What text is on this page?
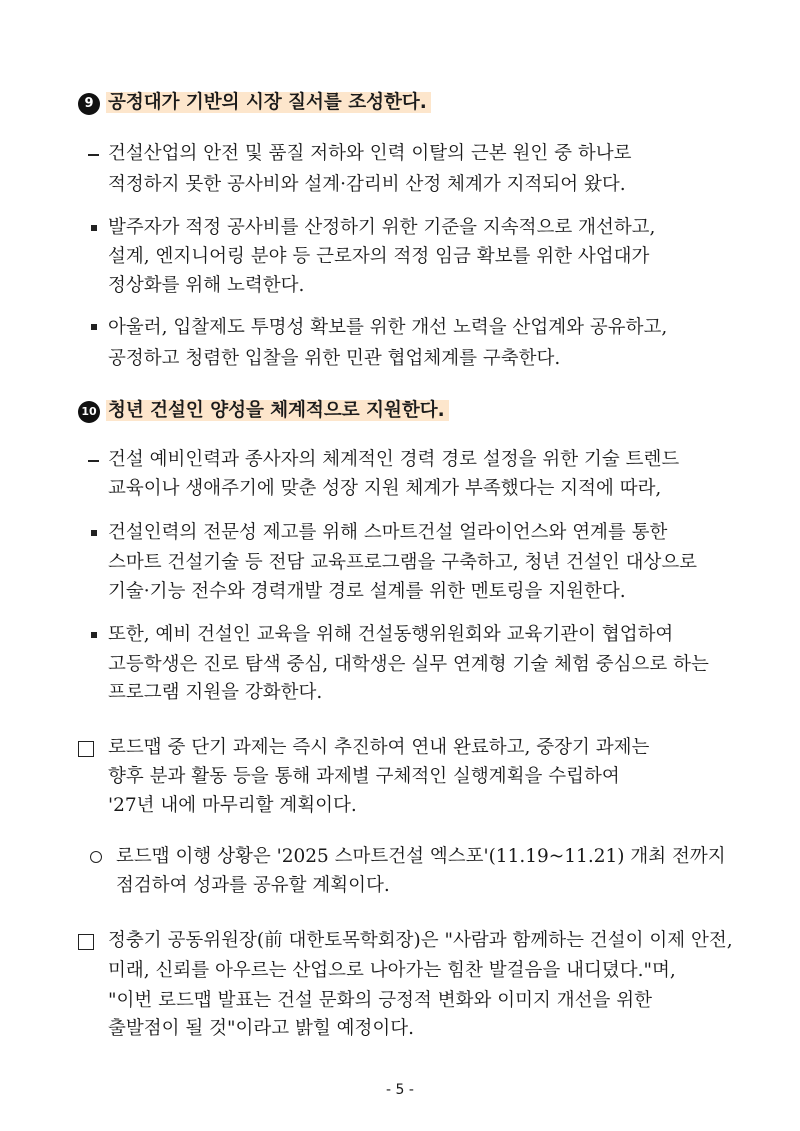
9 공정대가 기반의 시장 질서를 조성한다.
건설산업의 안전 및 품질 저하와 인력 이탈의 근본 원인 중 하나로
적정하지 못한 공사비와 설계·감리비 산정 체계가 지적되어 왔다.
발주자가 적정 공사비를 산정하기 위한 기준을 지속적으로 개선하고,
설계, 엔지니어링 분야 등 근로자의 적정 임금 확보를 위한 사업대가
정상화를 위해 노력한다.
아울러, 입찰제도 투명성 확보를 위한 개선 노력을 산업계와 공유하고,
공정하고 청렴한 입찰을 위한 민관 협업체계를 구축한다.
10 청년 건설인 양성을 체계적으로 지원한다.
건설 예비인력과 종사자의 체계적인 경력 경로 설정을 위한 기술 트렌드
교육이나 생애주기에 맞춘 성장 지원 체계가 부족했다는 지적에 따라,
건설인력의 전문성 제고를 위해 스마트건설 얼라이언스와 연계를 통한
스마트 건설기술 등 전담 교육프로그램을 구축하고, 청년 건설인 대상으로
기술·기능 전수와 경력개발 경로 설계를 위한 멘토링을 지원한다.
또한, 예비 건설인 교육을 위해 건설동행위원회와 교육기관이 협업하여
고등학생은 진로 탐색 중심, 대학생은 실무 연계형 기술 체험 중심으로 하는
프로그램 지원을 강화한다.
로드맵 중 단기 과제는 즉시 추진하여 연내 완료하고, 중장기 과제는
향후 분과 활동 등을 통해 과제별 구체적인 실행계획을 수립하여
'27년 내에 마무리할 계획이다.
로드맵 이행 상황은 '2025 스마트건설 엑스포'(11.19~11.21) 개최 전까지
점검하여 성과를 공유할 계획이다.
정충기 공동위원장(前 대한토목학회장)은 "사람과 함께하는 건설이 이제 안전,
미래, 신뢰를 아우르는 산업으로 나아가는 힘찬 발걸음을 내디뎠다."며,
"이번 로드맵 발표는 건설 문화의 긍정적 변화와 이미지 개선을 위한
출발점이 될 것"이라고 밝힐 예정이다.
- 5 -
